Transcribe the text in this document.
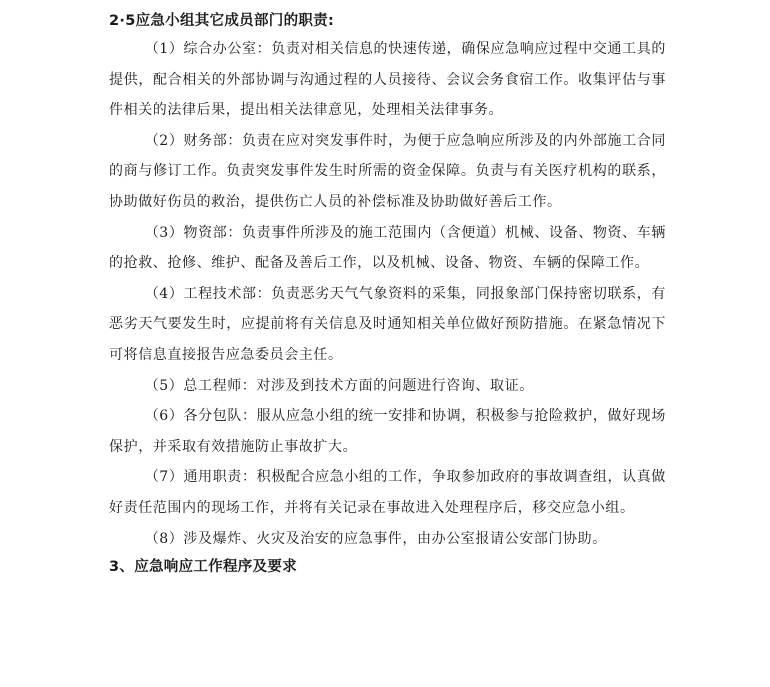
2·5应急小组其它成员部门的职责:

（1）综合办公室：负责对相关信息的快速传递，确保应急响应过程中交通工具的提供，配合相关的外部协调与沟通过程的人员接待、会议会务食宿工作。收集评估与事件相关的法律后果，提出相关法律意见，处理相关法律事务。

（2）财务部：负责在应对突发事件时，为便于应急响应所涉及的内外部施工合同的商与修订工作。负责突发事件发生时所需的资金保障。负责与有关医疗机构的联系，协助做好伤员的救治，提供伤亡人员的补偿标准及协助做好善后工作。

（3）物资部：负责事件所涉及的施工范围内（含便道）机械、设备、物资、车辆的抢救、抢修、维护、配备及善后工作，以及机械、设备、物资、车辆的保障工作。

（4）工程技术部：负责恶劣天气气象资料的采集，同报象部门保持密切联系，有恶劣天气要发生时，应提前将有关信息及时通知相关单位做好预防措施。在紧急情况下可将信息直接报告应急委员会主任。

（5）总工程师：对涉及到技术方面的问题进行咨询、取证。

（6）各分包队：服从应急小组的统一安排和协调，积极参与抢险救护，做好现场保护，并采取有效措施防止事故扩大。

（7）通用职责：积极配合应急小组的工作，争取参加政府的事故调查组，认真做好责任范围内的现场工作，并将有关记录在事故进入处理程序后，移交应急小组。

（8）涉及爆炸、火灾及治安的应急事件，由办公室报请公安部门协助。

3、应急响应工作程序及要求
